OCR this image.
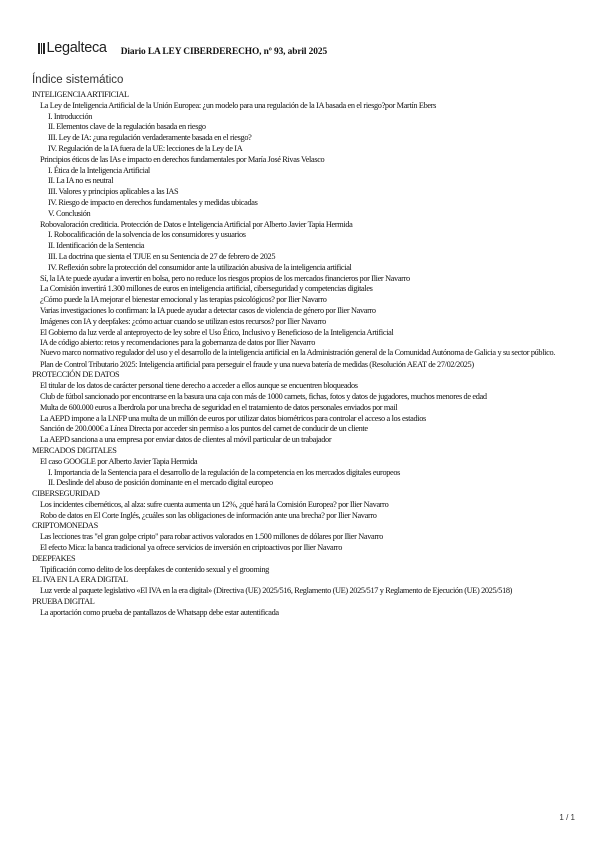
Legalteca Diario LA LEY CIBERDERECHO, nº 93, abril 2025
Índice sistemático
INTELIGENCIA ARTIFICIAL
La Ley de Inteligencia Artificial de la Unión Europea: ¿un modelo para una regulación de la IA basada en el riesgo?por Martín Ebers
I. Introducción
II. Elementos clave de la regulación basada en riesgo
III. Ley de IA: ¿una regulación verdaderamente basada en el riesgo?
IV. Regulación de la IA fuera de la UE: lecciones de la Ley de IA
Principios éticos de las IAs e impacto en derechos fundamentales por María José Rivas Velasco
I. Ética de la Inteligencia Artificial
II. La IA no es neutral
III. Valores y principios aplicables a las IAS
IV. Riesgo de impacto en derechos fundamentales y medidas ubicadas
V. Conclusión
Robovaloración crediticia. Protección de Datos e Inteligencia Artificial por Alberto Javier Tapia Hermida
I. Robocalificación de la solvencia de los consumidores y usuarios
II. Identificación de la Sentencia
III. La doctrina que sienta el TJUE en su Sentencia de 27 de febrero de 2025
IV. Reflexión sobre la protección del consumidor ante la utilización abusiva de la inteligencia artificial
Sí, la IA te puede ayudar a invertir en bolsa, pero no reduce los riesgos propios de los mercados financieros por Ilier Navarro
La Comisión invertirá 1.300 millones de euros en inteligencia artificial, ciberseguridad y competencias digitales
¿Cómo puede la IA mejorar el bienestar emocional y las terapias psicológicos? por Ilier Navarro
Varias investigaciones lo confirman: la IA puede ayudar a detectar casos de violencia de género por Ilier Navarro
Imágenes con IA y deepfakes: ¿cómo actuar cuando se utilizan estos recursos? por Ilier Navarro
El Gobierno da luz verde al anteproyecto de ley sobre el Uso Ético, Inclusivo y Beneficioso de la Inteligencia Artificial
IA de código abierto: retos y recomendaciones para la gobernanza de datos por Ilier Navarro
Nuevo marco normativo regulador del uso y el desarrollo de la inteligencia artificial en la Administración general de la Comunidad Autónoma de Galicia y su sector público.
Plan de Control Tributario 2025: Inteligencia artificial para perseguir el fraude y una nueva batería de medidas (Resolución AEAT de 27/02/2025)
PROTECCIÓN DE DATOS
El titular de los datos de carácter personal tiene derecho a acceder a ellos aunque se encuentren bloqueados
Club de fútbol sancionado por encontrarse en la basura una caja con más de 1000 carnets, fichas, fotos y datos de jugadores, muchos menores de edad
Multa de 600.000 euros a Iberdrola por una brecha de seguridad en el tratamiento de datos personales enviados por mail
La AEPD impone a la LNFP una multa de un millón de euros por utilizar datos biométricos para controlar el acceso a los estadios
Sanción de 200.000€ a Línea Directa por acceder sin permiso a los puntos del carnet de conducir de un cliente
La AEPD sanciona a una empresa por enviar datos de clientes al móvil particular de un trabajador
MERCADOS DIGITALES
El caso GOOGLE por Alberto Javier Tapia Hermida
I. Importancia de la Sentencia para el desarrollo de la regulación de la competencia en los mercados digitales europeos
II. Deslinde del abuso de posición dominante en el mercado digital europeo
CIBERSEGURIDAD
Los incidentes cibernéticos, al alza: sufre cuenta aumenta un 12%, ¿qué hará la Comisión Europea? por Ilier Navarro
Robo de datos en El Corte Inglés, ¿cuáles son las obligaciones de información ante una brecha? por Ilier Navarro
CRIPTOMONEDAS
Las lecciones tras "el gran golpe cripto" para robar activos valorados en 1.500 millones de dólares por Ilier Navarro
El efecto Mica: la banca tradicional ya ofrece servicios de inversión en criptoactivos por Ilier Navarro
DEEPFAKES
Tipificación como delito de los deepfakes de contenido sexual y el grooming
EL IVA EN LA ERA DIGITAL
Luz verde al paquete legislativo «El IVA en la era digital» (Directiva (UE) 2025/516, Reglamento (UE) 2025/517 y Reglamento de Ejecución (UE) 2025/518)
PRUEBA DIGITAL
La aportación como prueba de pantallazos de Whatsapp debe estar autentificada
1 / 1
